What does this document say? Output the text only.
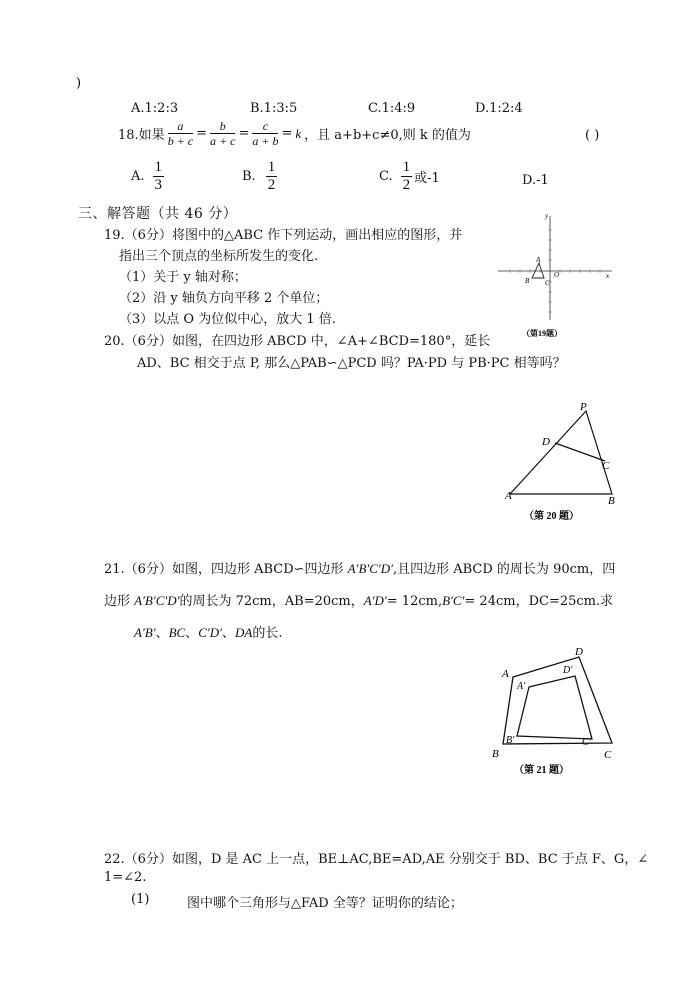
)
A.1:2:3	B.1:3:5	C.1:4:9	D.1:2:4
18.如果 $\frac{a}{b + c} = \frac{b}{a + c} = \frac{c}{a + b} = k$ ，且 a+b+c≠0,则 k 的值为	( )
A. $\frac{1}{3}$	B. $\frac{1}{2}$	C. $\frac{1}{2}$ 或-1	D.-1
三、解答题（共 46 分）
19.（6分）将图中的△ABC 作下列运动，画出相应的图形，并
指出三个顶点的坐标所发生的变化.
（1）关于 y 轴对称；
（2）沿 y 轴负方向平移 2 个单位；
（3）以点 O 为位似中心，放大 1 倍.
y
x
O
A
B C
（第19题）
20.（6分）如图，在四边形 ABCD 中，∠A+∠BCD=180°，延长
AD、BC 相交于点 P, 那么△PAB∽△PCD 吗？PA·PD 与 PB·PC 相等吗？
P
D
C
A	B
（第 20 题）
21.（6分）如图，四边形 ABCD∽四边形 A′B′C′D′,且四边形 ABCD 的周长为 90cm，四
边形 A′B′C′D′的周长为 72cm，AB=20cm，A′D′= 12cm,B′C′= 24cm，DC=25cm.求
A′B′、BC、C′D′、DA的长.
A
D
B	C
A′
D′
B′	C′
（第 21 题）
22.（6分）如图，D 是 AC 上一点，BE⊥AC,BE=AD,AE 分别交于 BD、BC 于点 F、G，∠
1=∠2.
(1)	图中哪个三角形与△FAD 全等？证明你的结论；
